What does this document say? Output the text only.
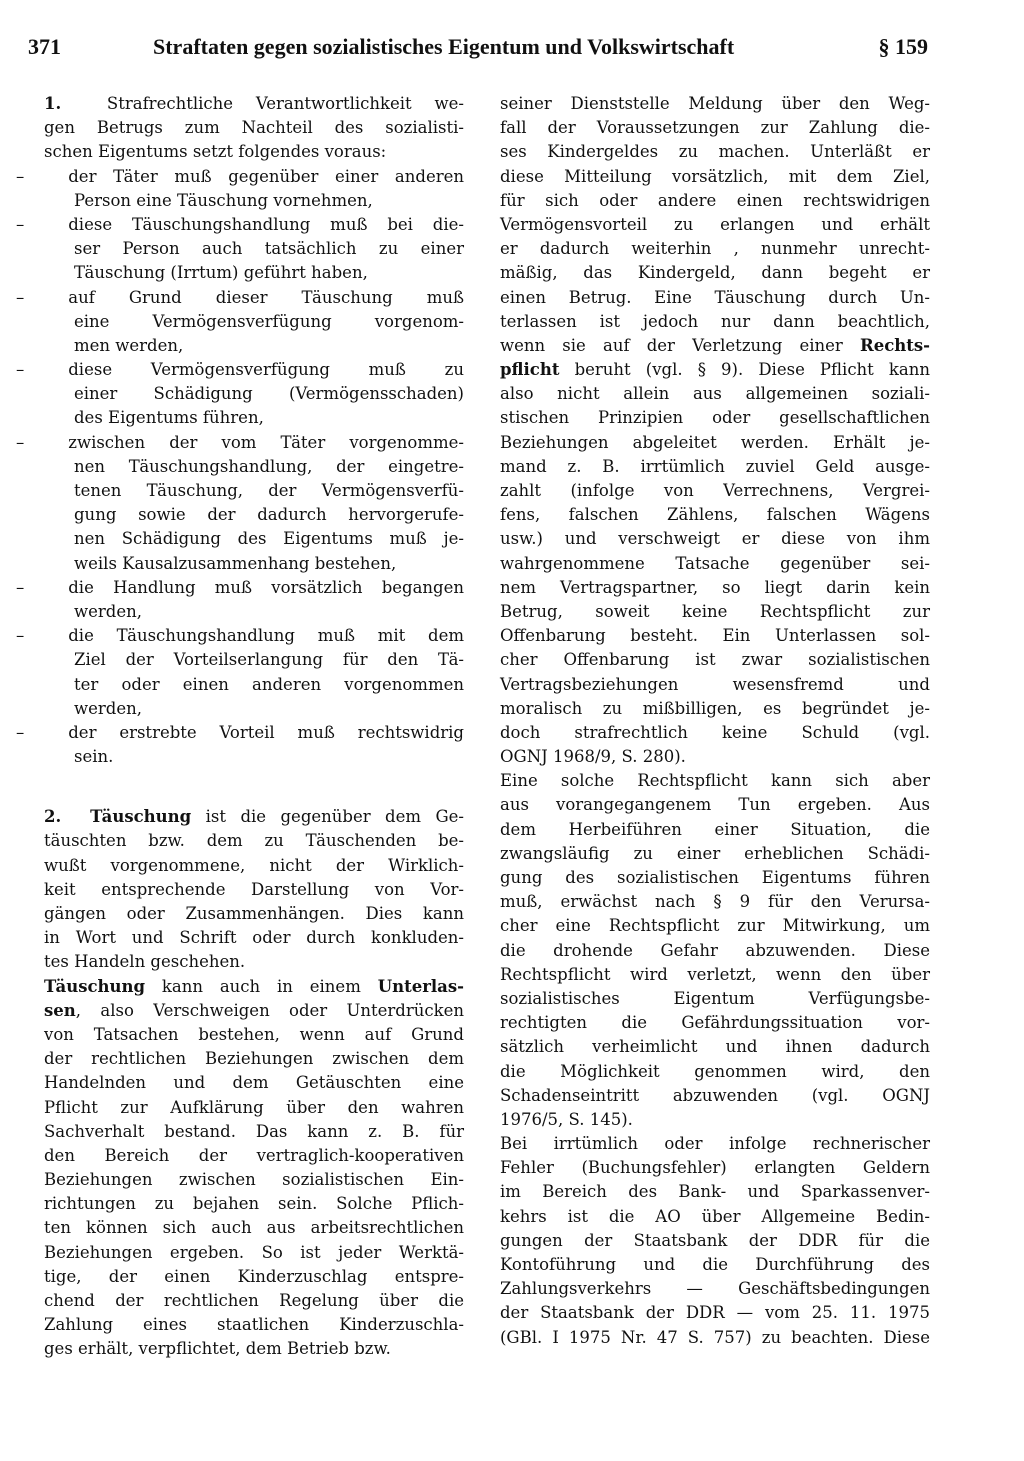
371	Straftaten gegen sozialistisches Eigentum und Volkswirtschaft	§ 159
1.  Strafrechtliche Verantwortlichkeit we-
gen Betrugs zum Nachteil des sozialisti-
schen Eigentums setzt folgendes voraus:
–	der Täter muß gegenüber einer anderen
Person eine Täuschung vornehmen,
–	diese Täuschungshandlung muß bei die-
ser Person auch tatsächlich zu einer
Täuschung (Irrtum) geführt haben,
–	auf Grund dieser Täuschung muß
eine Vermögensverfügung vorgenom-
men werden,
–	diese Vermögensverfügung muß zu
einer Schädigung (Vermögensschaden)
des Eigentums führen,
–	zwischen der vom Täter vorgenomme-
nen Täuschungshandlung, der eingetre-
tenen Täuschung, der Vermögensverfü-
gung sowie der dadurch hervorgerufe-
nen Schädigung des Eigentums muß je-
weils Kausalzusammenhang bestehen,
–	die Handlung muß vorsätzlich begangen
werden,
–	die Täuschungshandlung muß mit dem
Ziel der Vorteilserlangung für den Tä-
ter oder einen anderen vorgenommen
werden,
–	der erstrebte Vorteil muß rechtswidrig
sein.
2. Täuschung ist die gegenüber dem Ge-
täuschten bzw. dem zu Täuschenden be-
wußt vorgenommene, nicht der Wirklich-
keit entsprechende Darstellung von Vor-
gängen oder Zusammenhängen. Dies kann
in Wort und Schrift oder durch konkluden-
tes Handeln geschehen.
Täuschung kann auch in einem Unterlas-
sen, also Verschweigen oder Unterdrücken
von Tatsachen bestehen, wenn auf Grund
der rechtlichen Beziehungen zwischen dem
Handelnden und dem Getäuschten eine
Pflicht zur Aufklärung über den wahren
Sachverhalt bestand. Das kann z. B. für
den Bereich der vertraglich-kooperativen
Beziehungen zwischen sozialistischen Ein-
richtungen zu bejahen sein. Solche Pflich-
ten können sich auch aus arbeitsrechtlichen
Beziehungen ergeben. So ist jeder Werktä-
tige, der einen Kinderzuschlag entspre-
chend der rechtlichen Regelung über die
Zahlung eines staatlichen Kinderzuschla-
ges erhält, verpflichtet, dem Betrieb bzw.
seiner Dienststelle Meldung über den Weg-
fall der Voraussetzungen zur Zahlung die-
ses Kindergeldes zu machen. Unterläßt er
diese Mitteilung vorsätzlich, mit dem Ziel,
für sich oder andere einen rechtswidrigen
Vermögensvorteil zu erlangen und erhält
er dadurch weiterhin , nunmehr unrecht-
mäßig, das Kindergeld, dann begeht er
einen Betrug. Eine Täuschung durch Un-
terlassen ist jedoch nur dann beachtlich,
wenn sie auf der Verletzung einer Rechts-
pflicht beruht (vgl. § 9). Diese Pflicht kann
also nicht allein aus allgemeinen soziali-
stischen Prinzipien oder gesellschaftlichen
Beziehungen abgeleitet werden. Erhält je-
mand z. B. irrtümlich zuviel Geld ausge-
zahlt (infolge von Verrechnens, Vergrei-
fens, falschen Zählens, falschen Wägens
usw.) und verschweigt er diese von ihm
wahrgenommene Tatsache gegenüber sei-
nem Vertragspartner, so liegt darin kein
Betrug, soweit keine Rechtspflicht zur
Offenbarung besteht. Ein Unterlassen sol-
cher Offenbarung ist zwar sozialistischen
Vertragsbeziehungen wesensfremd und
moralisch zu mißbilligen, es begründet je-
doch strafrechtlich keine Schuld (vgl.
OGNJ 1968/9, S. 280).
Eine solche Rechtspflicht kann sich aber
aus vorangegangenem Tun ergeben. Aus
dem Herbeiführen einer Situation, die
zwangsläufig zu einer erheblichen Schädi-
gung des sozialistischen Eigentums führen
muß, erwächst nach § 9 für den Verursa-
cher eine Rechtspflicht zur Mitwirkung, um
die drohende Gefahr abzuwenden. Diese
Rechtspflicht wird verletzt, wenn den über
sozialistisches Eigentum Verfügungsbe-
rechtigten die Gefährdungssituation vor-
sätzlich verheimlicht und ihnen dadurch
die Möglichkeit genommen wird, den
Schadenseintritt abzuwenden (vgl. OGNJ
1976/5, S. 145).
Bei irrtümlich oder infolge rechnerischer
Fehler (Buchungsfehler) erlangten Geldern
im Bereich des Bank- und Sparkassenver-
kehrs ist die AO über Allgemeine Bedin-
gungen der Staatsbank der DDR für die
Kontoführung und die Durchführung des
Zahlungsverkehrs — Geschäftsbedingungen
der Staatsbank der DDR — vom 25. 11. 1975
(GBl. I 1975 Nr. 47 S. 757) zu beachten. Diese
